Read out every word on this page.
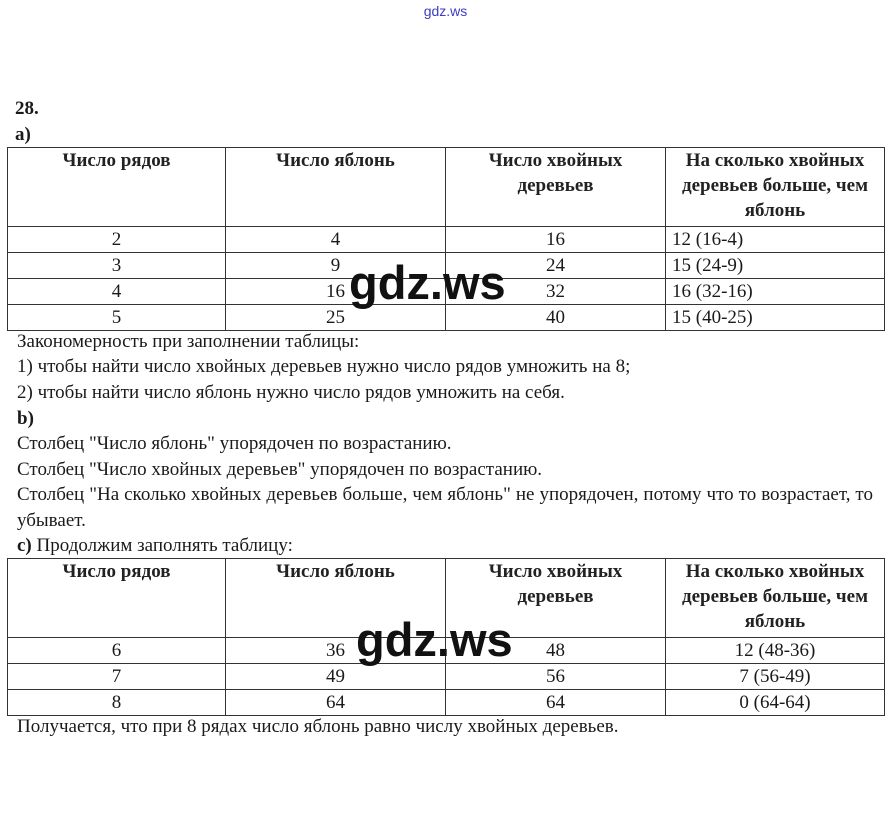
gdz.ws
28.
а)
Число рядов	Число яблонь	Число хвойных деревьев	На сколько хвойных деревьев больше, чем яблонь
2	4	16	12 (16-4)
3	9	24	15 (24-9)
4	16	32	16 (32-16)
5	25	40	15 (40-25)
Закономерность при заполнении таблицы:
1) чтобы найти число хвойных деревьев нужно число рядов умножить на 8;
2) чтобы найти число яблонь нужно число рядов умножить на себя.
b)
Столбец "Число яблонь" упорядочен по возрастанию.
Столбец "Число хвойных деревьев" упорядочен по возрастанию.
Столбец "На сколько хвойных деревьев больше, чем яблонь" не упорядочен, потому что то возрастает, то убывает.
с) Продолжим заполнять таблицу:
Число рядов	Число яблонь	Число хвойных деревьев	На сколько хвойных деревьев больше, чем яблонь
6	36	48	12 (48-36)
7	49	56	7 (56-49)
8	64	64	0 (64-64)
Получается, что при 8 рядах число яблонь равно числу хвойных деревьев.
gdz.ws
gdz.ws
